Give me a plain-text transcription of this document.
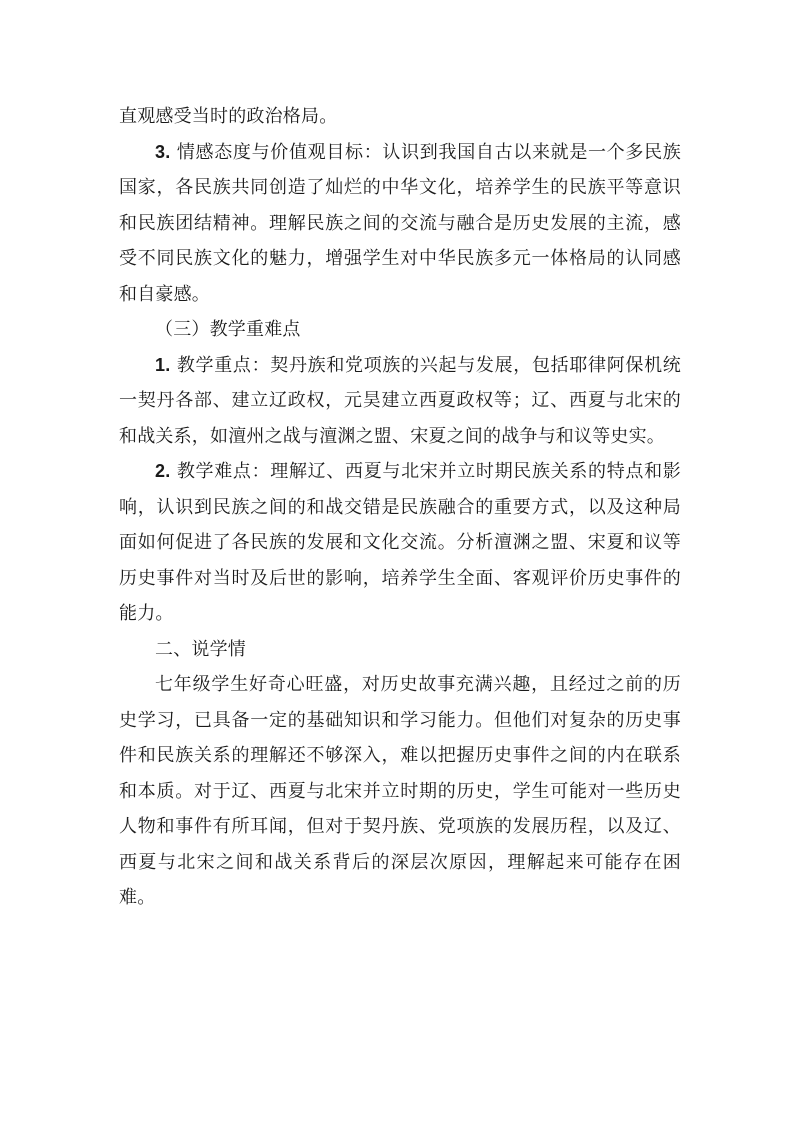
直观感受当时的政治格局。

3. 情感态度与价值观目标：认识到我国自古以来就是一个多民族国家，各民族共同创造了灿烂的中华文化，培养学生的民族平等意识和民族团结精神。理解民族之间的交流与融合是历史发展的主流，感受不同民族文化的魅力，增强学生对中华民族多元一体格局的认同感和自豪感。

（三）教学重难点

1. 教学重点：契丹族和党项族的兴起与发展，包括耶律阿保机统一契丹各部、建立辽政权，元昊建立西夏政权等；辽、西夏与北宋的和战关系，如澶州之战与澶渊之盟、宋夏之间的战争与和议等史实。

2. 教学难点：理解辽、西夏与北宋并立时期民族关系的特点和影响，认识到民族之间的和战交错是民族融合的重要方式，以及这种局面如何促进了各民族的发展和文化交流。分析澶渊之盟、宋夏和议等历史事件对当时及后世的影响，培养学生全面、客观评价历史事件的能力。

二、说学情

七年级学生好奇心旺盛，对历史故事充满兴趣，且经过之前的历史学习，已具备一定的基础知识和学习能力。但他们对复杂的历史事件和民族关系的理解还不够深入，难以把握历史事件之间的内在联系和本质。对于辽、西夏与北宋并立时期的历史，学生可能对一些历史人物和事件有所耳闻，但对于契丹族、党项族的发展历程，以及辽、西夏与北宋之间和战关系背后的深层次原因，理解起来可能存在困难。
